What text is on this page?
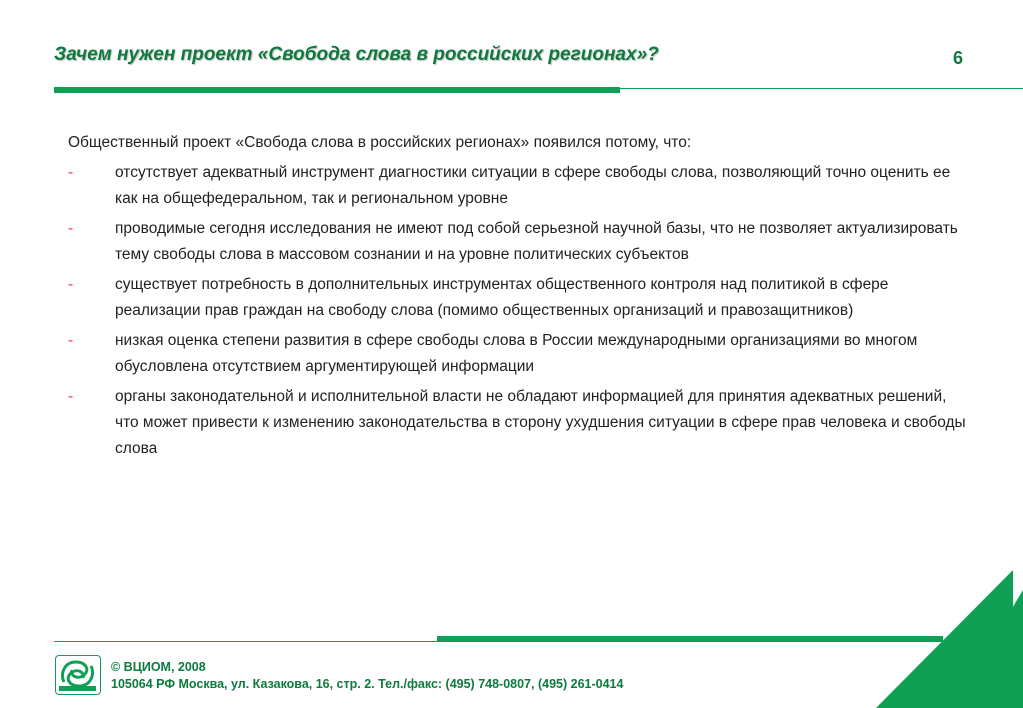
Зачем нужен проект «Свобода слова в российских регионах»?	6

Общественный проект «Свобода слова в российских регионах» появился потому, что:

-	отсутствует адекватный инструмент диагностики ситуации в сфере свободы слова, позволяющий точно оценить ее как на общефедеральном, так и региональном уровне
-	проводимые сегодня исследования не имеют под собой серьезной научной базы, что не позволяет актуализировать тему свободы слова в массовом сознании и на уровне политических субъектов
-	существует потребность в дополнительных инструментах общественного контроля над политикой в сфере реализации прав граждан на свободу слова (помимо общественных организаций и правозащитников)
-	низкая оценка степени развития в сфере свободы слова в России международными организациями во многом обусловлена отсутствием аргументирующей информации
-	органы законодательной и исполнительной власти не обладают информацией для принятия адекватных решений, что может привести к изменению законодательства в сторону ухудшения ситуации в сфере прав человека и свободы слова
© ВЦИОМ, 2008
105064 РФ Москва, ул. Казакова, 16, стр. 2. Тел./факс: (495) 748-0807, (495) 261-0414
